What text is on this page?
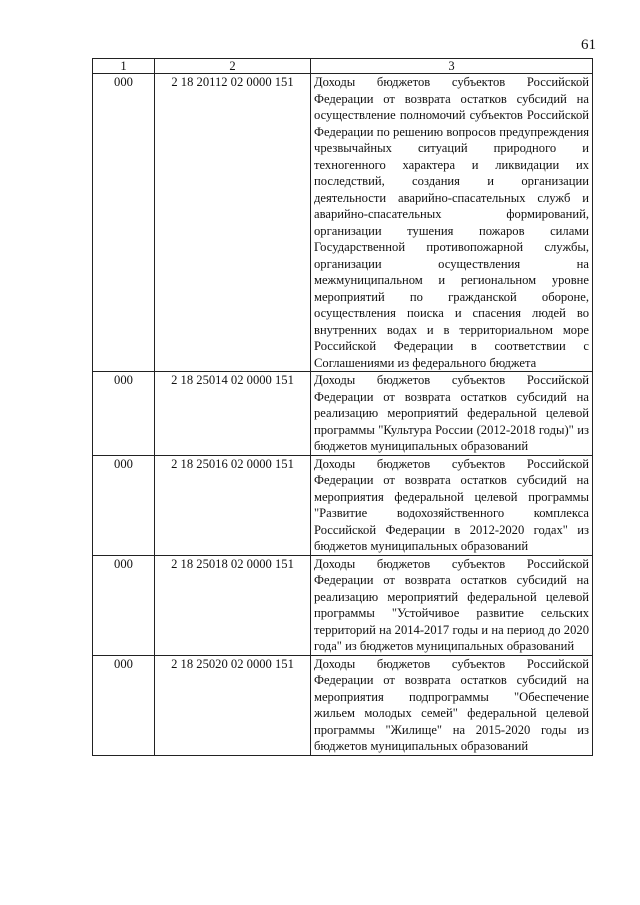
61
1	2	3
000	2 18 20112 02 0000 151	Доходы бюджетов субъектов Российской Федерации от возврата остатков субсидий на осуществление полномочий субъектов Российской Федерации по решению вопросов предупреждения чрезвычайных ситуаций природного и техногенного характера и ликвидации их последствий, создания и организации деятельности аварийно-спасательных служб и аварийно-спасательных формирований, организации тушения пожаров силами Государственной противопожарной службы, организации осуществления на межмуниципальном и региональном уровне мероприятий по гражданской обороне, осуществления поиска и спасения людей во внутренних водах и в территориальном море Российской Федерации в соответствии с Соглашениями из федерального бюджета
000	2 18 25014 02 0000 151	Доходы бюджетов субъектов Российской Федерации от возврата остатков субсидий на реализацию мероприятий федеральной целевой программы "Культура России (2012-2018 годы)" из бюджетов муниципальных образований
000	2 18 25016 02 0000 151	Доходы бюджетов субъектов Российской Федерации от возврата остатков субсидий на мероприятия федеральной целевой программы "Развитие водохозяйственного комплекса Российской Федерации в 2012-2020 годах" из бюджетов муниципальных образований
000	2 18 25018 02 0000 151	Доходы бюджетов субъектов Российской Федерации от возврата остатков субсидий на реализацию мероприятий федеральной целевой программы "Устойчивое развитие сельских территорий на 2014-2017 годы и на период до 2020 года" из бюджетов муниципальных образований
000	2 18 25020 02 0000 151	Доходы бюджетов субъектов Российской Федерации от возврата остатков субсидий на мероприятия подпрограммы "Обеспечение жильем молодых семей" федеральной целевой программы "Жилище" на 2015-2020 годы из бюджетов муниципальных образований
